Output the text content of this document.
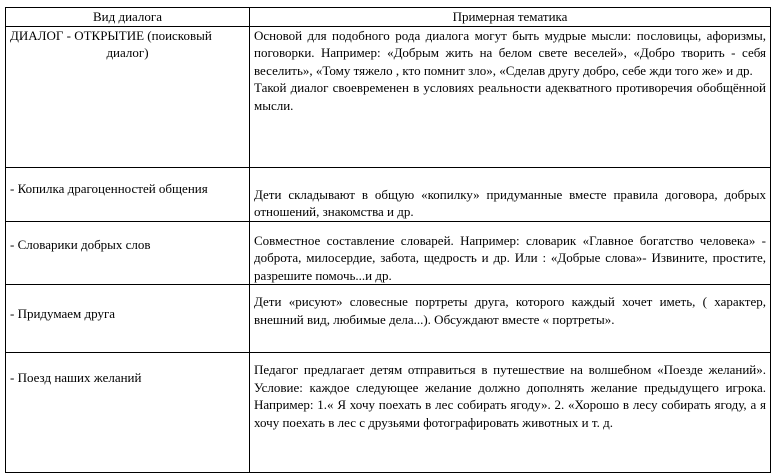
Вид диалога	Примерная тематика

ДИАЛОГ - ОТКРЫТИЕ (поисковый
диалог)	Основой для подобного рода диалога могут быть мудрые мысли: пословицы, афоризмы, поговорки. Например: «Добрым жить на белом свете веселей», «Добро творить - себя веселить», «Тому тяжело , кто помнит зло», «Сделав другу добро, себе жди того же» и др.
Такой диалог своевременен в условиях реальности адекватного противоречия обобщённой мысли.

- Копилка драгоценностей общения	Дети складывают в общую «копилку» придуманные вместе правила договора, добрых отношений, знакомства и др.

- Словарики добрых слов	Совместное составление словарей. Например: словарик «Главное богатство человека» - доброта, милосердие, забота, щедрость и др. Или : «Добрые слова»- Извините, простите, разрешите помочь...и др.

- Придумаем друга	Дети «рисуют» словесные портреты друга, которого каждый хочет иметь, ( характер, внешний вид, любимые дела...). Обсуждают вместе « портреты».

- Поезд наших желаний	Педагог предлагает детям отправиться в путешествие на волшебном «Поезде желаний». Условие: каждое следующее желание должно дополнять желание предыдущего игрока. Например: 1.« Я хочу поехать в лес собирать ягоду». 2. «Хорошо в лесу собирать ягоду, а я хочу поехать в лес с друзьями фотографировать животных и т. д.
